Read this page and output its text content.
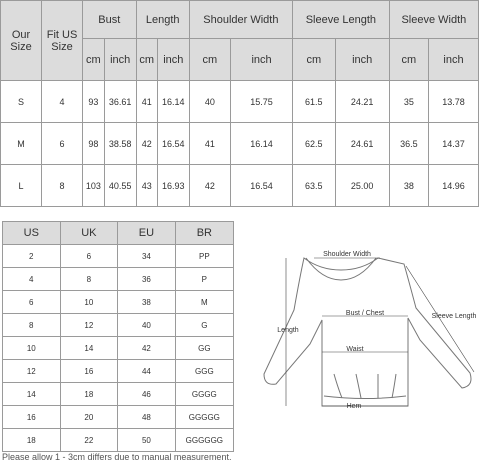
Our Size	Fit US Size	Bust		Length		Shoulder Width		Sleeve Length		Sleeve Width	
		cm	inch	cm	inch	cm	inch	cm	inch	cm	inch
S	4	93	36.61	41	16.14	40	15.75	61.5	24.21	35	13.78
M	6	98	38.58	42	16.54	41	16.14	62.5	24.61	36.5	14.37
L	8	103	40.55	43	16.93	42	16.54	63.5	25.00	38	14.96
US	UK	EU	BR
2	6	34	PP
4	8	36	P
6	10	38	M
8	12	40	G
10	14	42	GG
12	16	44	GGG
14	18	46	GGGG
16	20	48	GGGGG
18	22	50	GGGGGG
Shoulder Width
Length
Bust / Chest
Waist
Hem
Sleeve Length
Please allow 1 - 3cm differs due to manual measurement.
